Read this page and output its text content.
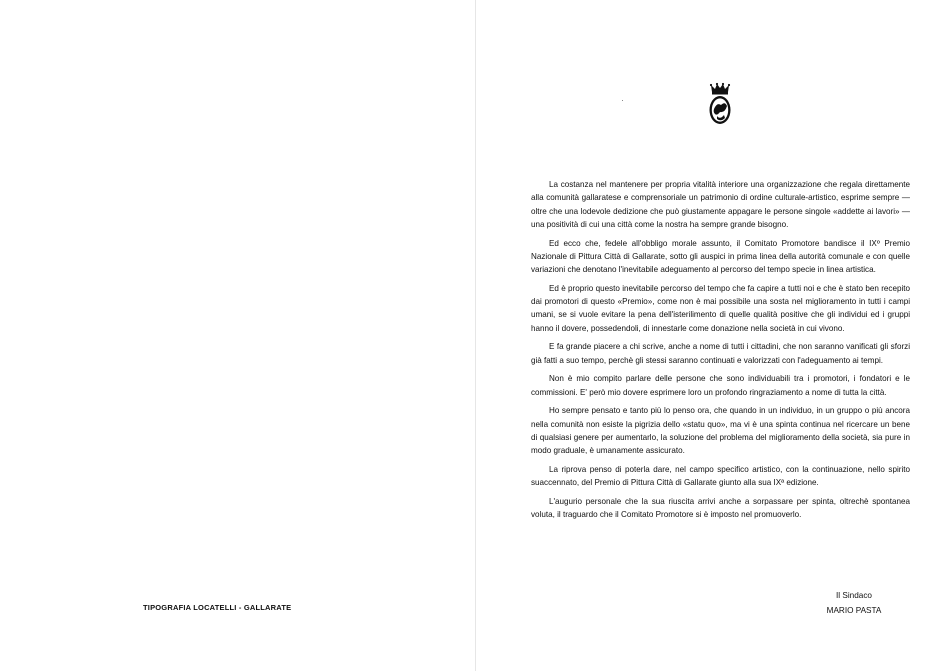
TIPOGRAFIA LOCATELLI - GALLARATE

La costanza nel mantenere per propria vitalità interiore una organizzazione che regala direttamente alla comunità gallaratese e comprensoriale un patrimonio di ordine culturale-artistico, esprime sempre — oltre che una lodevole dedizione che può giustamente appagare le persone singole «addette ai lavori» — una positività di cui una città come la nostra ha sempre grande bisogno.

Ed ecco che, fedele all'obbligo morale assunto, il Comitato Promotore bandisce il IXº Premio Nazionale di Pittura Città di Gallarate, sotto gli auspici in prima linea della autorità comunale e con quelle variazioni che denotano l'inevitabile adeguamento al percorso del tempo specie in linea artistica.

Ed è proprio questo inevitabile percorso del tempo che fa capire a tutti noi e che è stato ben recepito dai promotori di questo «Premio», come non è mai possibile una sosta nel miglioramento in tutti i campi umani, se si vuole evitare la pena dell'isterilimento di quelle qualità positive che gli individui ed i gruppi hanno il dovere, possedendoli, di innestarle come donazione nella società in cui vivono.

E fa grande piacere a chi scrive, anche a nome di tutti i cittadini, che non saranno vanificati gli sforzi già fatti a suo tempo, perchè gli stessi saranno continuati e valorizzati con l'adeguamento ai tempi.

Non è mio compito parlare delle persone che sono individuabili tra i promotori, i fondatori e le commissioni. E' però mio dovere esprimere loro un profondo ringraziamento a nome di tutta la città.

Ho sempre pensato e tanto più lo penso ora, che quando in un individuo, in un gruppo o più ancora nella comunità non esiste la pigrizia dello «statu quo», ma vi è una spinta continua nel ricercare un bene di qualsiasi genere per aumentarlo, la soluzione del problema del miglioramento della società, sia pure in modo graduale, è umanamente assicurato.

La riprova penso di poterla dare, nel campo specifico artistico, con la continuazione, nello spirito suaccennato, del Premio di Pittura Città di Gallarate giunto alla sua IXª edizione.

L'augurio personale che la sua riuscita arrivi anche a sorpassare per spinta, oltrechè spontanea voluta, il traguardo che il Comitato Promotore si è imposto nel promuoverlo.

Il Sindaco
MARIO PASTA
